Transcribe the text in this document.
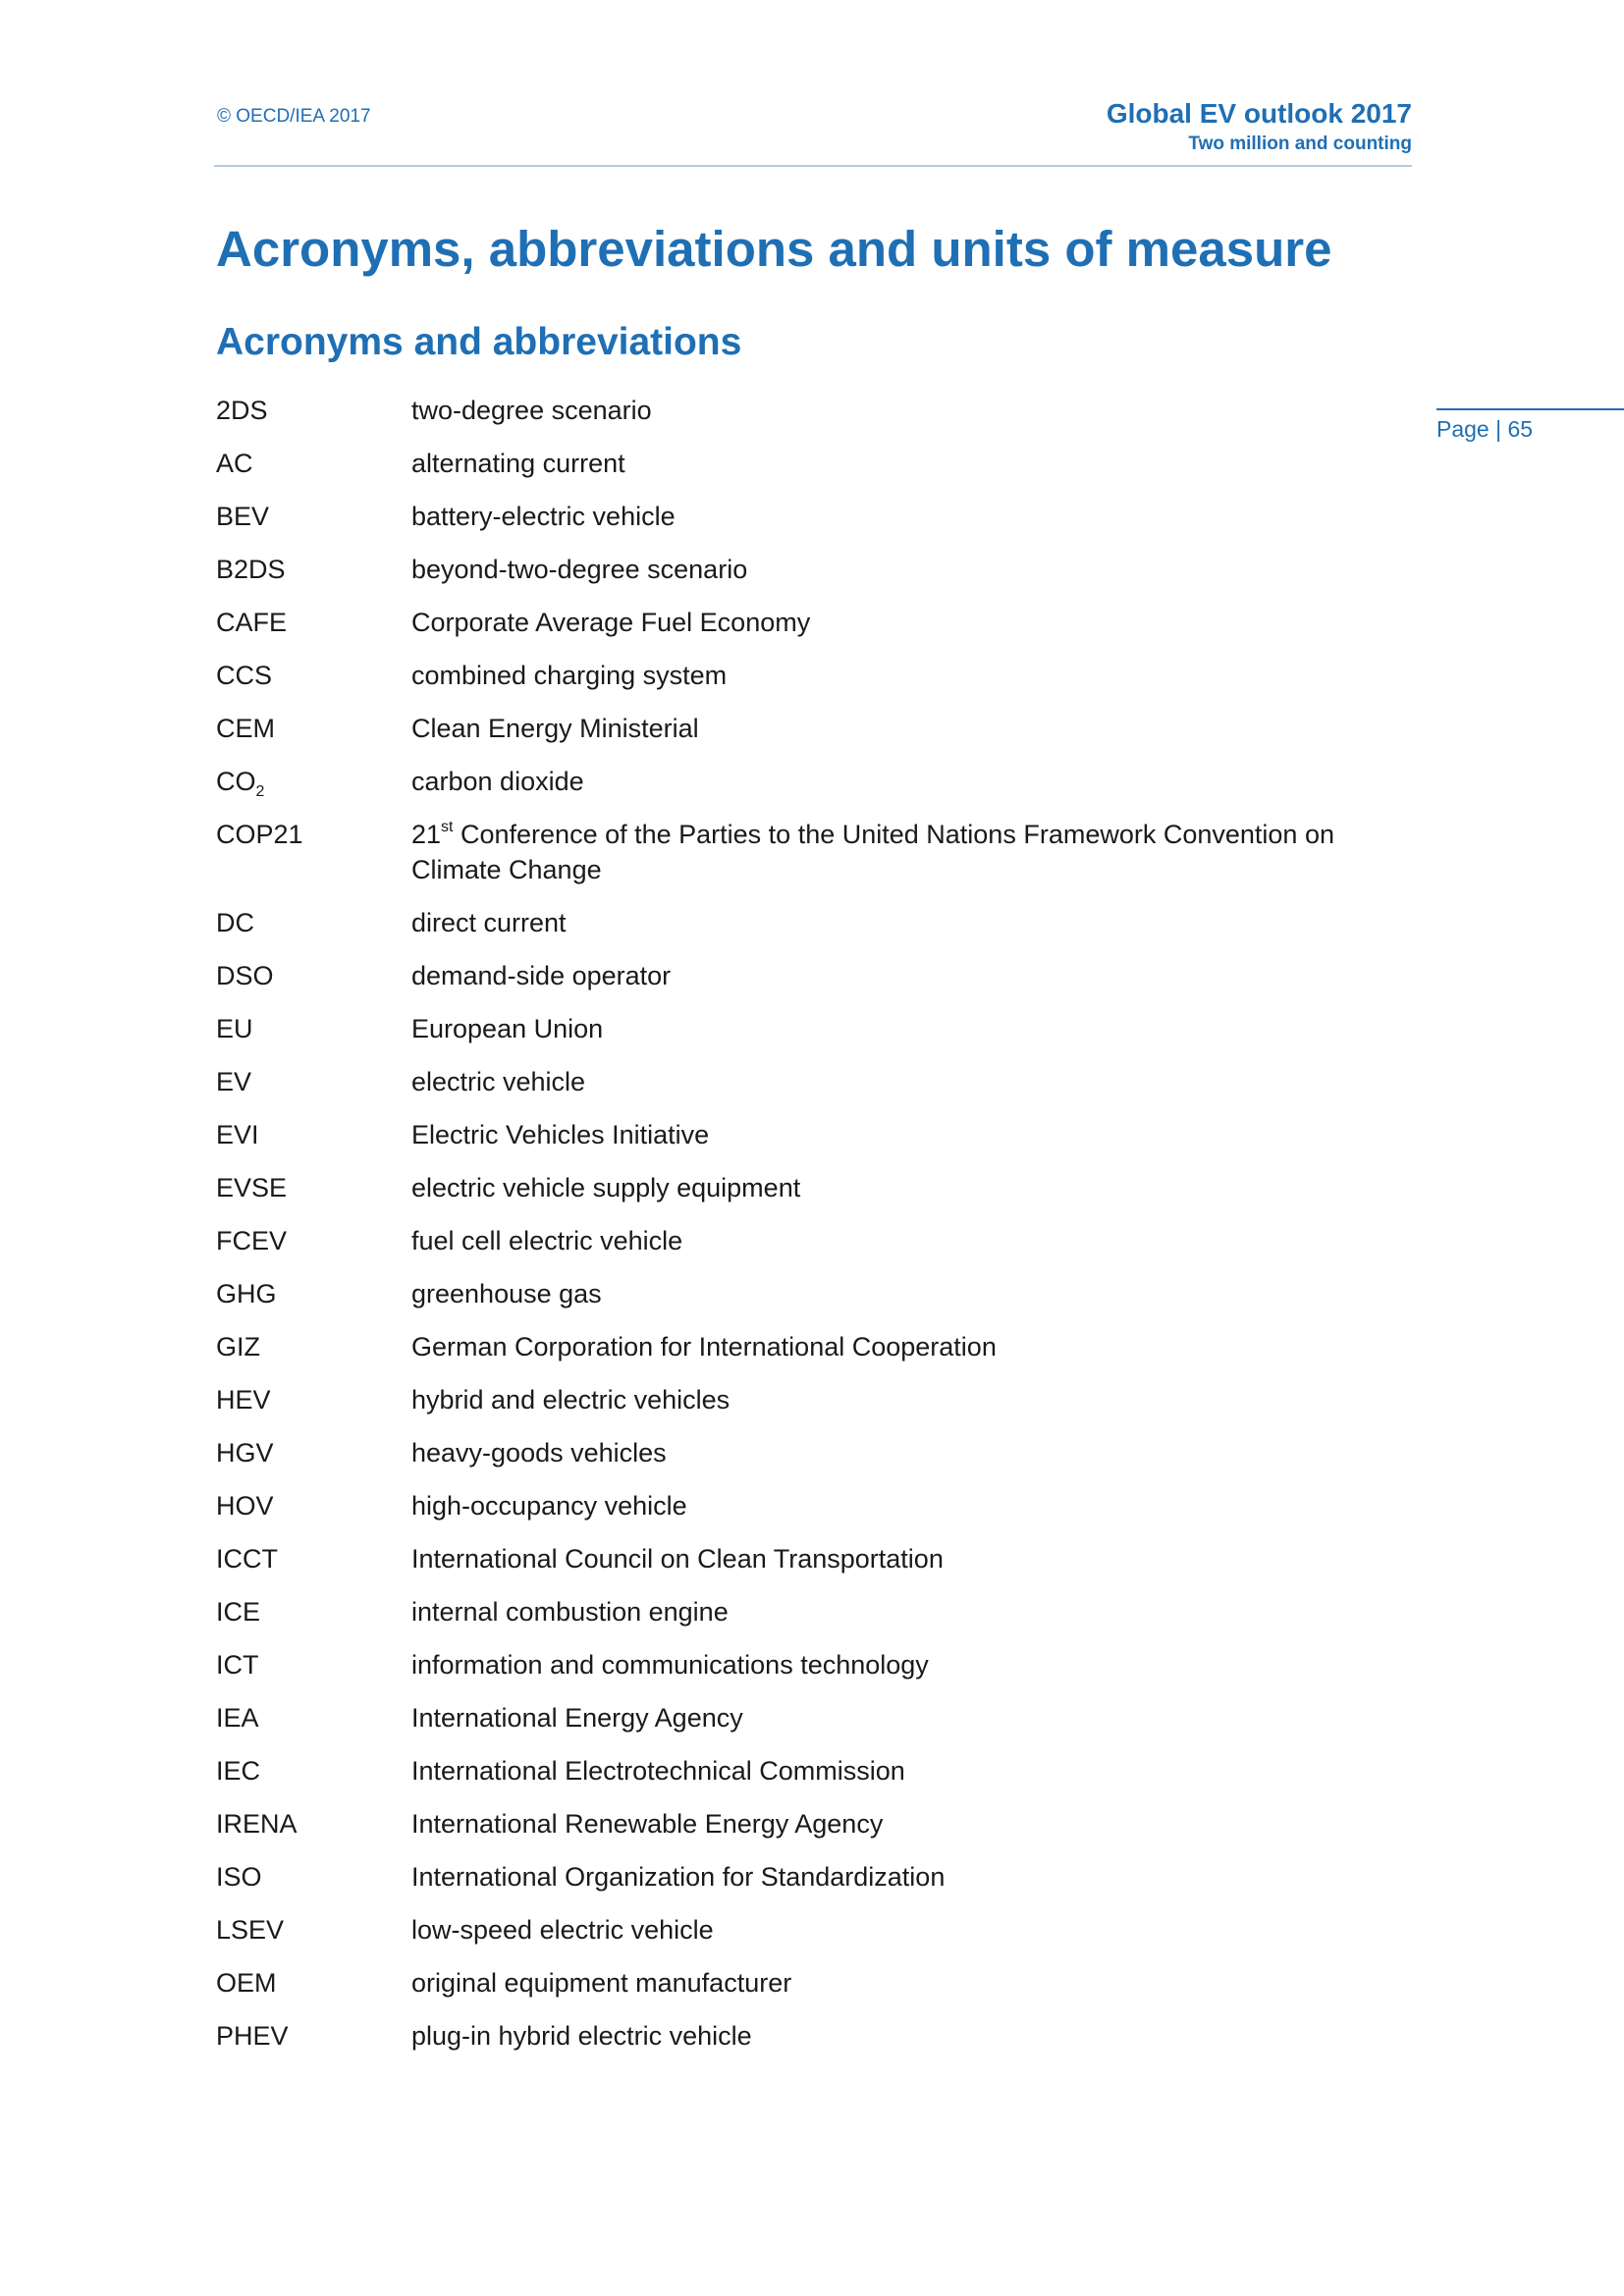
© OECD/IEA 2017	Global EV outlook 2017
Two million and counting
Page | 65
Acronyms, abbreviations and units of measure
Acronyms and abbreviations
2DS	two-degree scenario
AC	alternating current
BEV	battery-electric vehicle
B2DS	beyond-two-degree scenario
CAFE	Corporate Average Fuel Economy
CCS	combined charging system
CEM	Clean Energy Ministerial
$CO_2$	carbon dioxide
COP21	21st Conference of the Parties to the United Nations Framework Convention on Climate Change
DC	direct current
DSO	demand-side operator
EU	European Union
EV	electric vehicle
EVI	Electric Vehicles Initiative
EVSE	electric vehicle supply equipment
FCEV	fuel cell electric vehicle
GHG	greenhouse gas
GIZ	German Corporation for International Cooperation
HEV	hybrid and electric vehicles
HGV	heavy-goods vehicles
HOV	high-occupancy vehicle
ICCT	International Council on Clean Transportation
ICE	internal combustion engine
ICT	information and communications technology
IEA	International Energy Agency
IEC	International Electrotechnical Commission
IRENA	International Renewable Energy Agency
ISO	International Organization for Standardization
LSEV	low-speed electric vehicle
OEM	original equipment manufacturer
PHEV	plug-in hybrid electric vehicle
